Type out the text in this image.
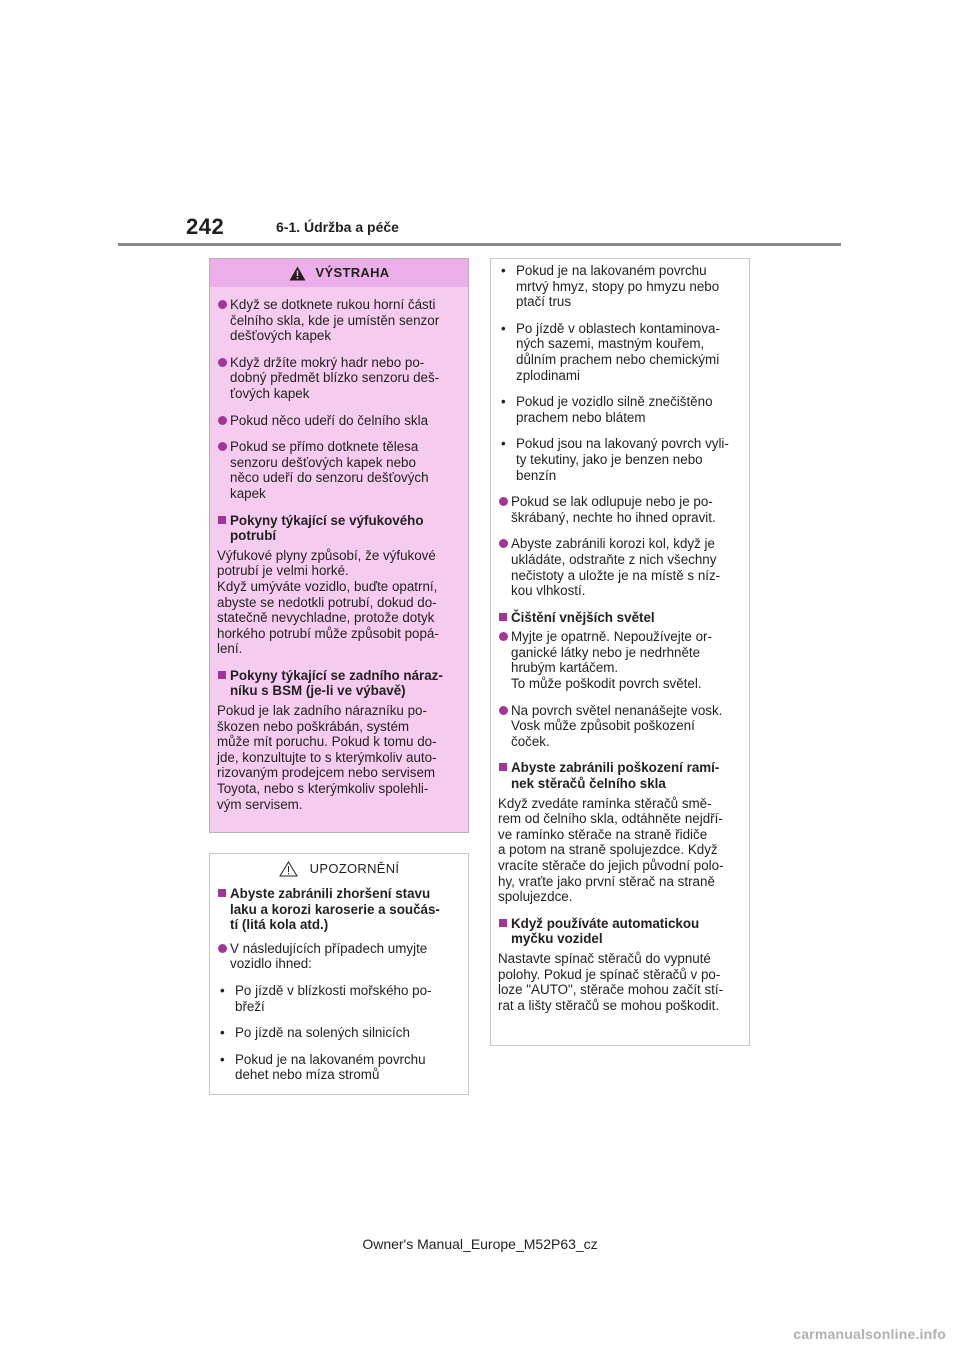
242	6-1. Údržba a péče
VÝSTRAHA
Když se dotknete rukou horní části
čelního skla, kde je umístěn senzor
dešťových kapek
Když držíte mokrý hadr nebo po-
dobný předmět blízko senzoru deš-
ťových kapek
Pokud něco udeří do čelního skla
Pokud se přímo dotknete tělesa
senzoru dešťových kapek nebo
něco udeří do senzoru dešťových
kapek
Pokyny týkající se výfukového
potrubí
Výfukové plyny způsobí, že výfukové
potrubí je velmi horké.
Když umýváte vozidlo, buďte opatrní,
abyste se nedotkli potrubí, dokud do-
statečně nevychladne, protože dotyk
horkého potrubí může způsobit popá-
lení.
Pokyny týkající se zadního náraz-
níku s BSM (je-li ve výbavě)
Pokud je lak zadního nárazníku po-
škozen nebo poškrábán, systém
může mít poruchu. Pokud k tomu do-
jde, konzultujte to s kterýmkoliv auto-
rizovaným prodejcem nebo servisem
Toyota, nebo s kterýmkoliv spolehli-
vým servisem.
UPOZORNĚNÍ
Abyste zabránili zhoršení stavu
laku a korozi karoserie a součás-
tí (litá kola atd.)
V následujících případech umyjte
vozidlo ihned:
• Po jízdě v blízkosti mořského po-
břeží
• Po jízdě na solených silnicích
• Pokud je na lakovaném povrchu
dehet nebo míza stromů
• Pokud je na lakovaném povrchu
mrtvý hmyz, stopy po hmyzu nebo
ptačí trus
• Po jízdě v oblastech kontaminova-
ných sazemi, mastným kouřem,
důlním prachem nebo chemickými
zplodinami
• Pokud je vozidlo silně znečištěno
prachem nebo blátem
• Pokud jsou na lakovaný povrch vyli-
ty tekutiny, jako je benzen nebo
benzín
Pokud se lak odlupuje nebo je po-
škrábaný, nechte ho ihned opravit.
Abyste zabránili korozi kol, když je
ukládáte, odstraňte z nich všechny
nečistoty a uložte je na místě s níz-
kou vlhkostí.
Čištění vnějších světel
Myjte je opatrně. Nepoužívejte or-
ganické látky nebo je nedrhněte
hrubým kartáčem.
To může poškodit povrch světel.
Na povrch světel nenanášejte vosk.
Vosk může způsobit poškození
čoček.
Abyste zabránili poškození ramí-
nek stěračů čelního skla
Když zvedáte ramínka stěračů smě-
rem od čelního skla, odtáhněte nejdří-
ve ramínko stěrače na straně řidiče
a potom na straně spolujezdce. Když
vracíte stěrače do jejich původní polo-
hy, vraťte jako první stěrač na straně
spolujezdce.
Když používáte automatickou
myčku vozidel
Nastavte spínač stěračů do vypnuté
polohy. Pokud je spínač stěračů v po-
loze "AUTO", stěrače mohou začít stí-
rat a lišty stěračů se mohou poškodit.
Owner's Manual_Europe_M52P63_cz
carmanualsonline.info
